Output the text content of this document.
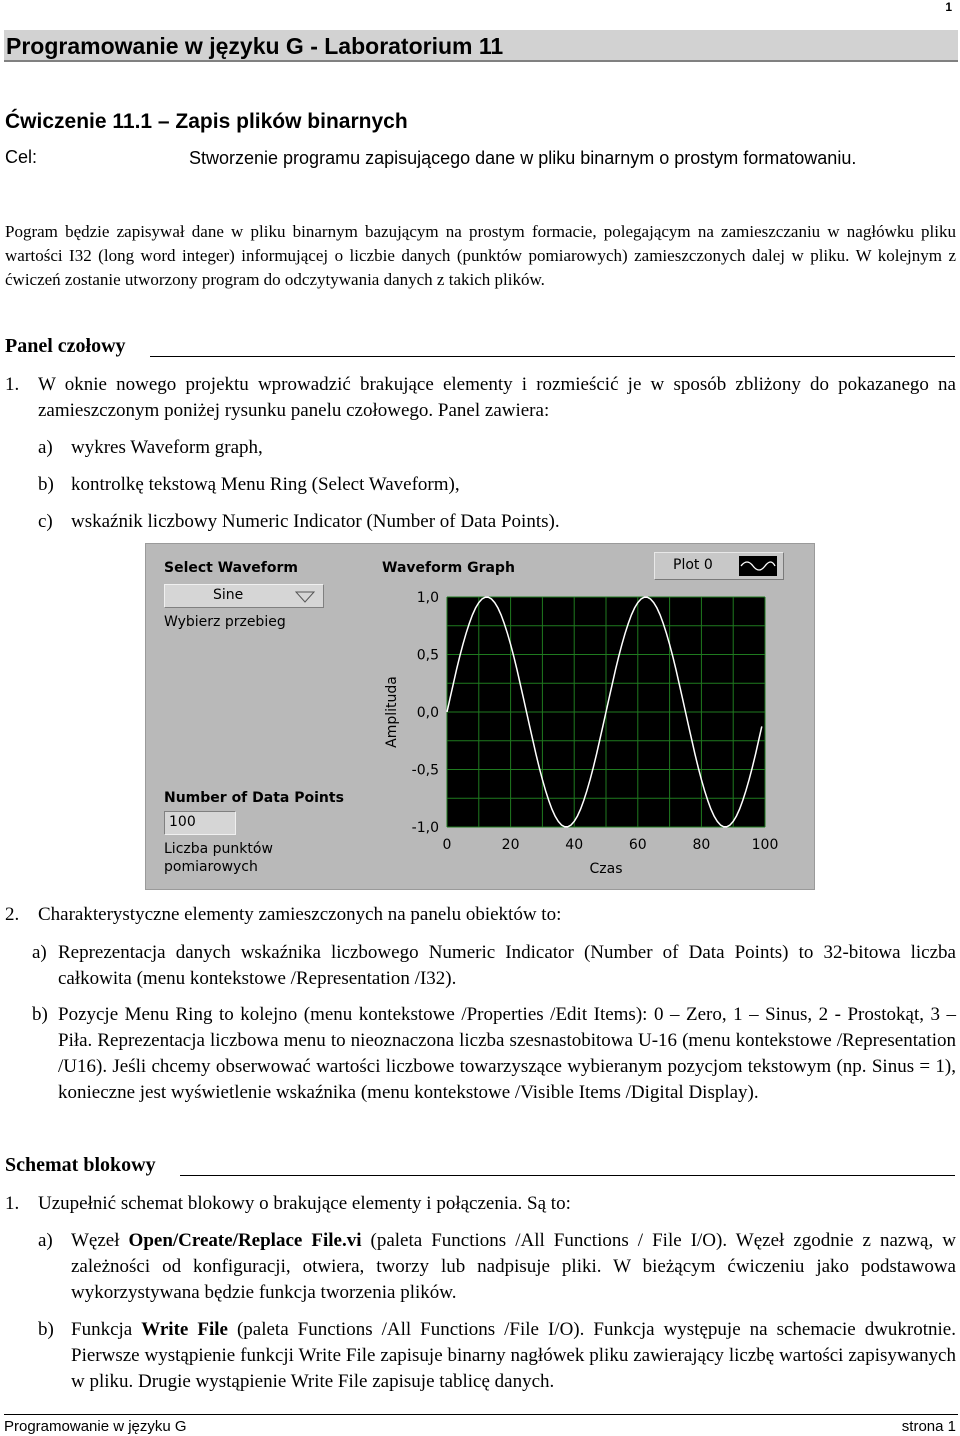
1
Programowanie w języku G - Laboratorium 11
Ćwiczenie 11.1 – Zapis plików binarnych
Cel:	Stworzenie programu zapisującego dane w pliku binarnym o prostym formatowaniu.
Pogram będzie zapisywał dane w pliku binarnym bazującym na prostym formacie, polegającym na zamieszczaniu w nagłówku pliku wartości I32 (long word integer) informującej o liczbie danych (punktów pomiarowych) zamieszczonych dalej w pliku. W kolejnym z ćwiczeń zostanie utworzony program do odczytywania danych z takich plików.
Panel czołowy
1. W oknie nowego projektu wprowadzić brakujące elementy i rozmieścić je w sposób zbliżony do pokazanego na zamieszczonym poniżej rysunku panelu czołowego. Panel zawiera:
a) wykres Waveform graph,
b) kontrolkę tekstową Menu Ring (Select Waveform),
c) wskaźnik liczbowy Numeric Indicator (Number of Data Points).
Select Waveform
Sine
Wybierz przebieg
Waveform Graph	Plot 0
Number of Data Points
100
Liczba punktów
pomiarowych
1,0
0,5
0,0
-0,5
-1,0
0	20	40	60	80	100
Czas
Amplituda
2. Charakterystyczne elementy zamieszczonych na panelu obiektów to:
a) Reprezentacja danych wskaźnika liczbowego Numeric Indicator (Number of Data Points) to 32-bitowa liczba całkowita (menu kontekstowe /Representation /I32).
b) Pozycje Menu Ring to kolejno (menu kontekstowe /Properties /Edit Items): 0 – Zero, 1 – Sinus, 2 - Prostokąt, 3 – Piła. Reprezentacja liczbowa menu to nieoznaczona liczba szesnastobitowa U-16 (menu kontekstowe /Representation /U16). Jeśli chcemy obserwować wartości liczbowe towarzyszące wybieranym pozycjom tekstowym (np. Sinus = 1), konieczne jest wyświetlenie wskaźnika (menu kontekstowe /Visible Items /Digital Display).
Schemat blokowy
1. Uzupełnić schemat blokowy o brakujące elementy i połączenia. Są to:
a) Węzeł Open/Create/Replace File.vi (paleta Functions /All Functions / File I/O). Węzeł zgodnie z nazwą, w zależności od konfiguracji, otwiera, tworzy lub nadpisuje pliki. W bieżącym ćwiczeniu jako podstawowa wykorzystywana będzie funkcja tworzenia plików.
b) Funkcja Write File (paleta Functions /All Functions /File I/O). Funkcja występuje na schemacie dwukrotnie. Pierwsze wystąpienie funkcji Write File zapisuje binarny nagłówek pliku zawierający liczbę wartości zapisywanych w pliku. Drugie wystąpienie Write File zapisuje tablicę danych.
Programowanie w języku G	strona 1
